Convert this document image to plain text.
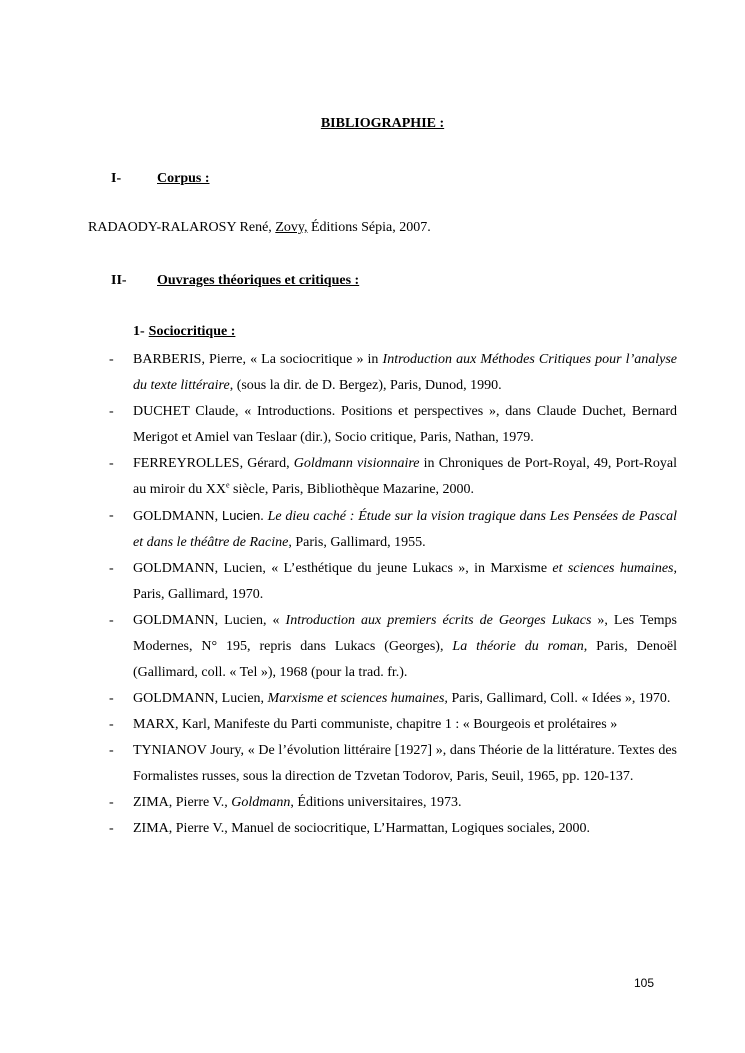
BIBLIOGRAPHIE :
I-	Corpus :
RADAODY-RALAROSY René, Zovy, Éditions Sépia, 2007.
II- Ouvrages théoriques et critiques :
1- Sociocritique :
- BARBERIS, Pierre, « La sociocritique » in Introduction aux Méthodes Critiques pour l’analyse du texte littéraire, (sous la dir. de D. Bergez), Paris, Dunod, 1990.
- DUCHET Claude, « Introductions. Positions et perspectives », dans Claude Duchet, Bernard Merigot et Amiel van Teslaar (dir.), Socio critique, Paris, Nathan, 1979.
- FERREYROLLES, Gérard, Goldmann visionnaire in Chroniques de Port-Royal, 49, Port-Royal au miroir du XXe siècle, Paris, Bibliothèque Mazarine, 2000.
- GOLDMANN, Lucien. Le dieu caché : Étude sur la vision tragique dans Les Pensées de Pascal et dans le théâtre de Racine, Paris, Gallimard, 1955.
- GOLDMANN, Lucien, « L’esthétique du jeune Lukacs », in Marxisme et sciences humaines, Paris, Gallimard, 1970.
- GOLDMANN, Lucien, « Introduction aux premiers écrits de Georges Lukacs », Les Temps Modernes, N° 195, repris dans Lukacs (Georges), La théorie du roman, Paris, Denoël (Gallimard, coll. « Tel »), 1968 (pour la trad. fr.).
- GOLDMANN, Lucien, Marxisme et sciences humaines, Paris, Gallimard, Coll. « Idées », 1970.
- MARX, Karl, Manifeste du Parti communiste, chapitre 1 : « Bourgeois et prolétaires »
- TYNIANOV Joury, « De l’évolution littéraire [1927] », dans Théorie de la littérature. Textes des Formalistes russes, sous la direction de Tzvetan Todorov, Paris, Seuil, 1965, pp. 120-137.
- ZIMA, Pierre V., Goldmann, Éditions universitaires, 1973.
- ZIMA, Pierre V., Manuel de sociocritique, L’Harmattan, Logiques sociales, 2000.
105
